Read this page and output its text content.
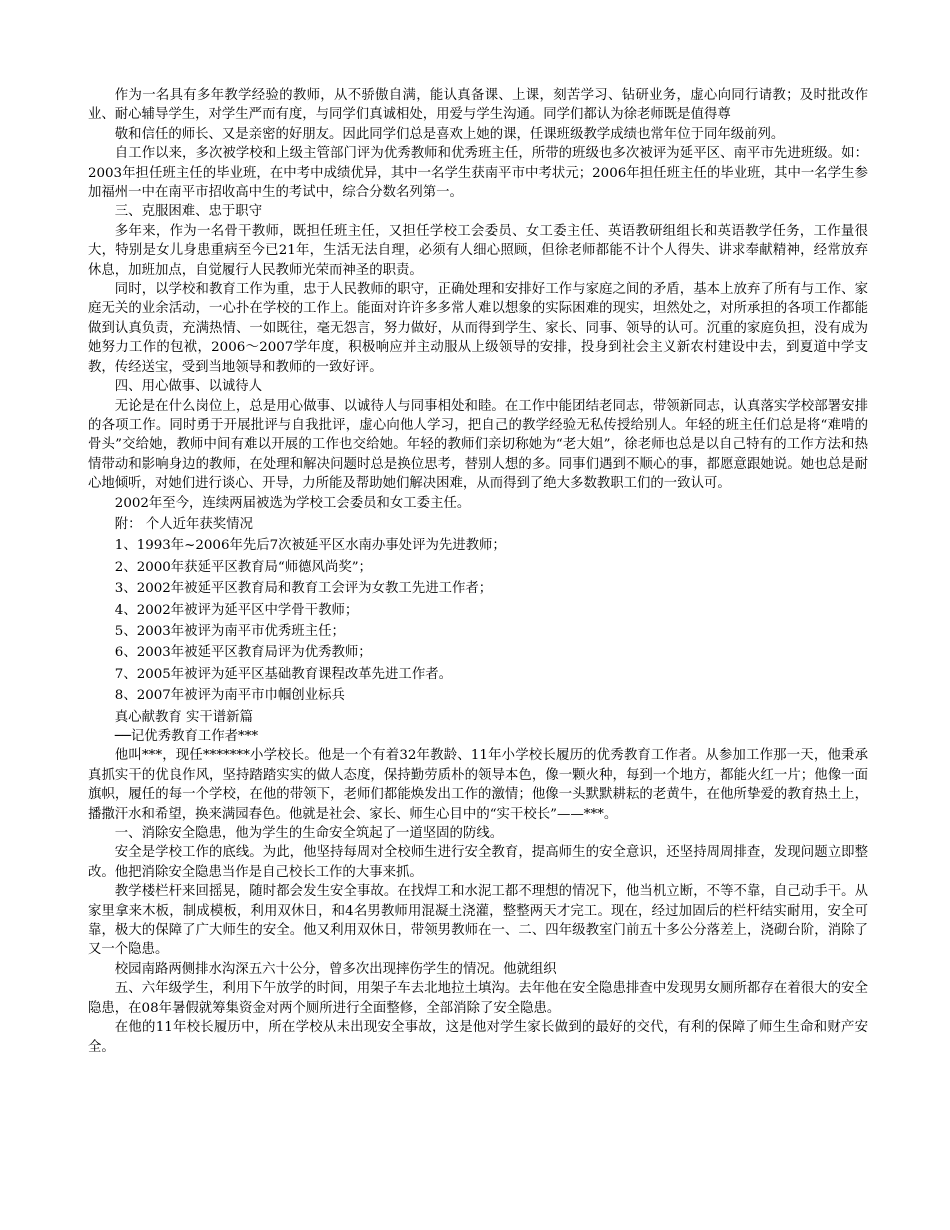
作为一名具有多年教学经验的教师，从不骄傲自满，能认真备课、上课，刻苦学习、钻研业务，虚心向同行请教；及时批改作业、耐心辅导学生，对学生严而有度，与同学们真诚相处，用爱与学生沟通。同学们都认为徐老师既是值得尊

敬和信任的师长、又是亲密的好朋友。因此同学们总是喜欢上她的课，任课班级教学成绩也常年位于同年级前列。

自工作以来，多次被学校和上级主管部门评为优秀教师和优秀班主任，所带的班级也多次被评为延平区、南平市先进班级。如：2003年担任班主任的毕业班，在中考中成绩优异，其中一名学生获南平市中考状元；2006年担任班主任的毕业班，其中一名学生参加福州一中在南平市招收高中生的考试中，综合分数名列第一。

三、克服困难、忠于职守

多年来，作为一名骨干教师，既担任班主任，又担任学校工会委员、女工委主任、英语教研组组长和英语教学任务，工作量很大，特别是女儿身患重病至今已21年，生活无法自理，必须有人细心照顾，但徐老师都能不计个人得失、讲求奉献精神，经常放弃休息，加班加点，自觉履行人民教师光荣而神圣的职责。

同时，以学校和教育工作为重，忠于人民教师的职守，正确处理和安排好工作与家庭之间的矛盾，基本上放弃了所有与工作、家庭无关的业余活动，一心扑在学校的工作上。能面对许许多多常人难以想象的实际困难的现实，坦然处之，对所承担的各项工作都能做到认真负责，充满热情、一如既往，毫无怨言，努力做好，从而得到学生、家长、同事、领导的认可。沉重的家庭负担，没有成为她努力工作的包袱，2006～2007学年度，积极响应并主动服从上级领导的安排，投身到社会主义新农村建设中去，到夏道中学支教，传经送宝，受到当地领导和教师的一致好评。

四、用心做事、以诚待人

无论是在什么岗位上，总是用心做事、以诚待人与同事相处和睦。在工作中能团结老同志，带领新同志，认真落实学校部署安排的各项工作。同时勇于开展批评与自我批评，虚心向他人学习，把自己的教学经验无私传授给别人。年轻的班主任们总是将“难啃的骨头”交给她，教师中间有难以开展的工作也交给她。年轻的教师们亲切称她为“老大姐”，徐老师也总是以自己特有的工作方法和热情带动和影响身边的教师，在处理和解决问题时总是换位思考，替别人想的多。同事们遇到不顺心的事，都愿意跟她说。她也总是耐心地倾听，对她们进行谈心、开导，力所能及帮助她们解决困难，从而得到了绝大多数教职工们的一致认可。

2002年至今，连续两届被选为学校工会委员和女工委主任。

附： 个人近年获奖情况

1、1993年~2006年先后7次被延平区水南办事处评为先进教师；

2、2000年获延平区教育局“师德风尚奖”；

3、2002年被延平区教育局和教育工会评为女教工先进工作者；

4、2002年被评为延平区中学骨干教师；

5、2003年被评为南平市优秀班主任；

6、2003年被延平区教育局评为优秀教师；

7、2005年被评为延平区基础教育课程改革先进工作者。

8、2007年被评为南平市巾帼创业标兵

真心献教育 实干谱新篇

──记优秀教育工作者***

他叫***，现任*******小学校长。他是一个有着32年教龄、11年小学校长履历的优秀教育工作者。从参加工作那一天，他秉承真抓实干的优良作风，坚持踏踏实实的做人态度，保持勤劳质朴的领导本色，像一颗火种，每到一个地方，都能火红一片；他像一面旗帜，履任的每一个学校，在他的带领下，老师们都能焕发出工作的激情；他像一头默默耕耘的老黄牛，在他所挚爱的教育热土上，播撒汗水和希望，换来满园春色。他就是社会、家长、师生心目中的“实干校长”——***。

一、消除安全隐患，他为学生的生命安全筑起了一道坚固的防线。

安全是学校工作的底线。为此，他坚持每周对全校师生进行安全教育，提高师生的安全意识，还坚持周周排查，发现问题立即整改。他把消除安全隐患当作是自己校长工作的大事来抓。

教学楼栏杆来回摇晃，随时都会发生安全事故。在找焊工和水泥工都不理想的情况下，他当机立断，不等不靠，自己动手干。从家里拿来木板，制成模板，利用双休日，和4名男教师用混凝土浇灌，整整两天才完工。现在，经过加固后的栏杆结实耐用，安全可靠，极大的保障了广大师生的安全。他又利用双休日，带领男教师在一、二、四年级教室门前五十多公分落差上，浇砌台阶，消除了又一个隐患。

校园南路两侧排水沟深五六十公分，曾多次出现摔伤学生的情况。他就组织

五、六年级学生，利用下午放学的时间，用架子车去北地拉土填沟。去年他在安全隐患排查中发现男女厕所都存在着很大的安全隐患，在08年暑假就筹集资金对两个厕所进行全面整修，全部消除了安全隐患。

在他的11年校长履历中，所在学校从未出现安全事故，这是他对学生家长做到的最好的交代，有利的保障了师生生命和财产安全。
